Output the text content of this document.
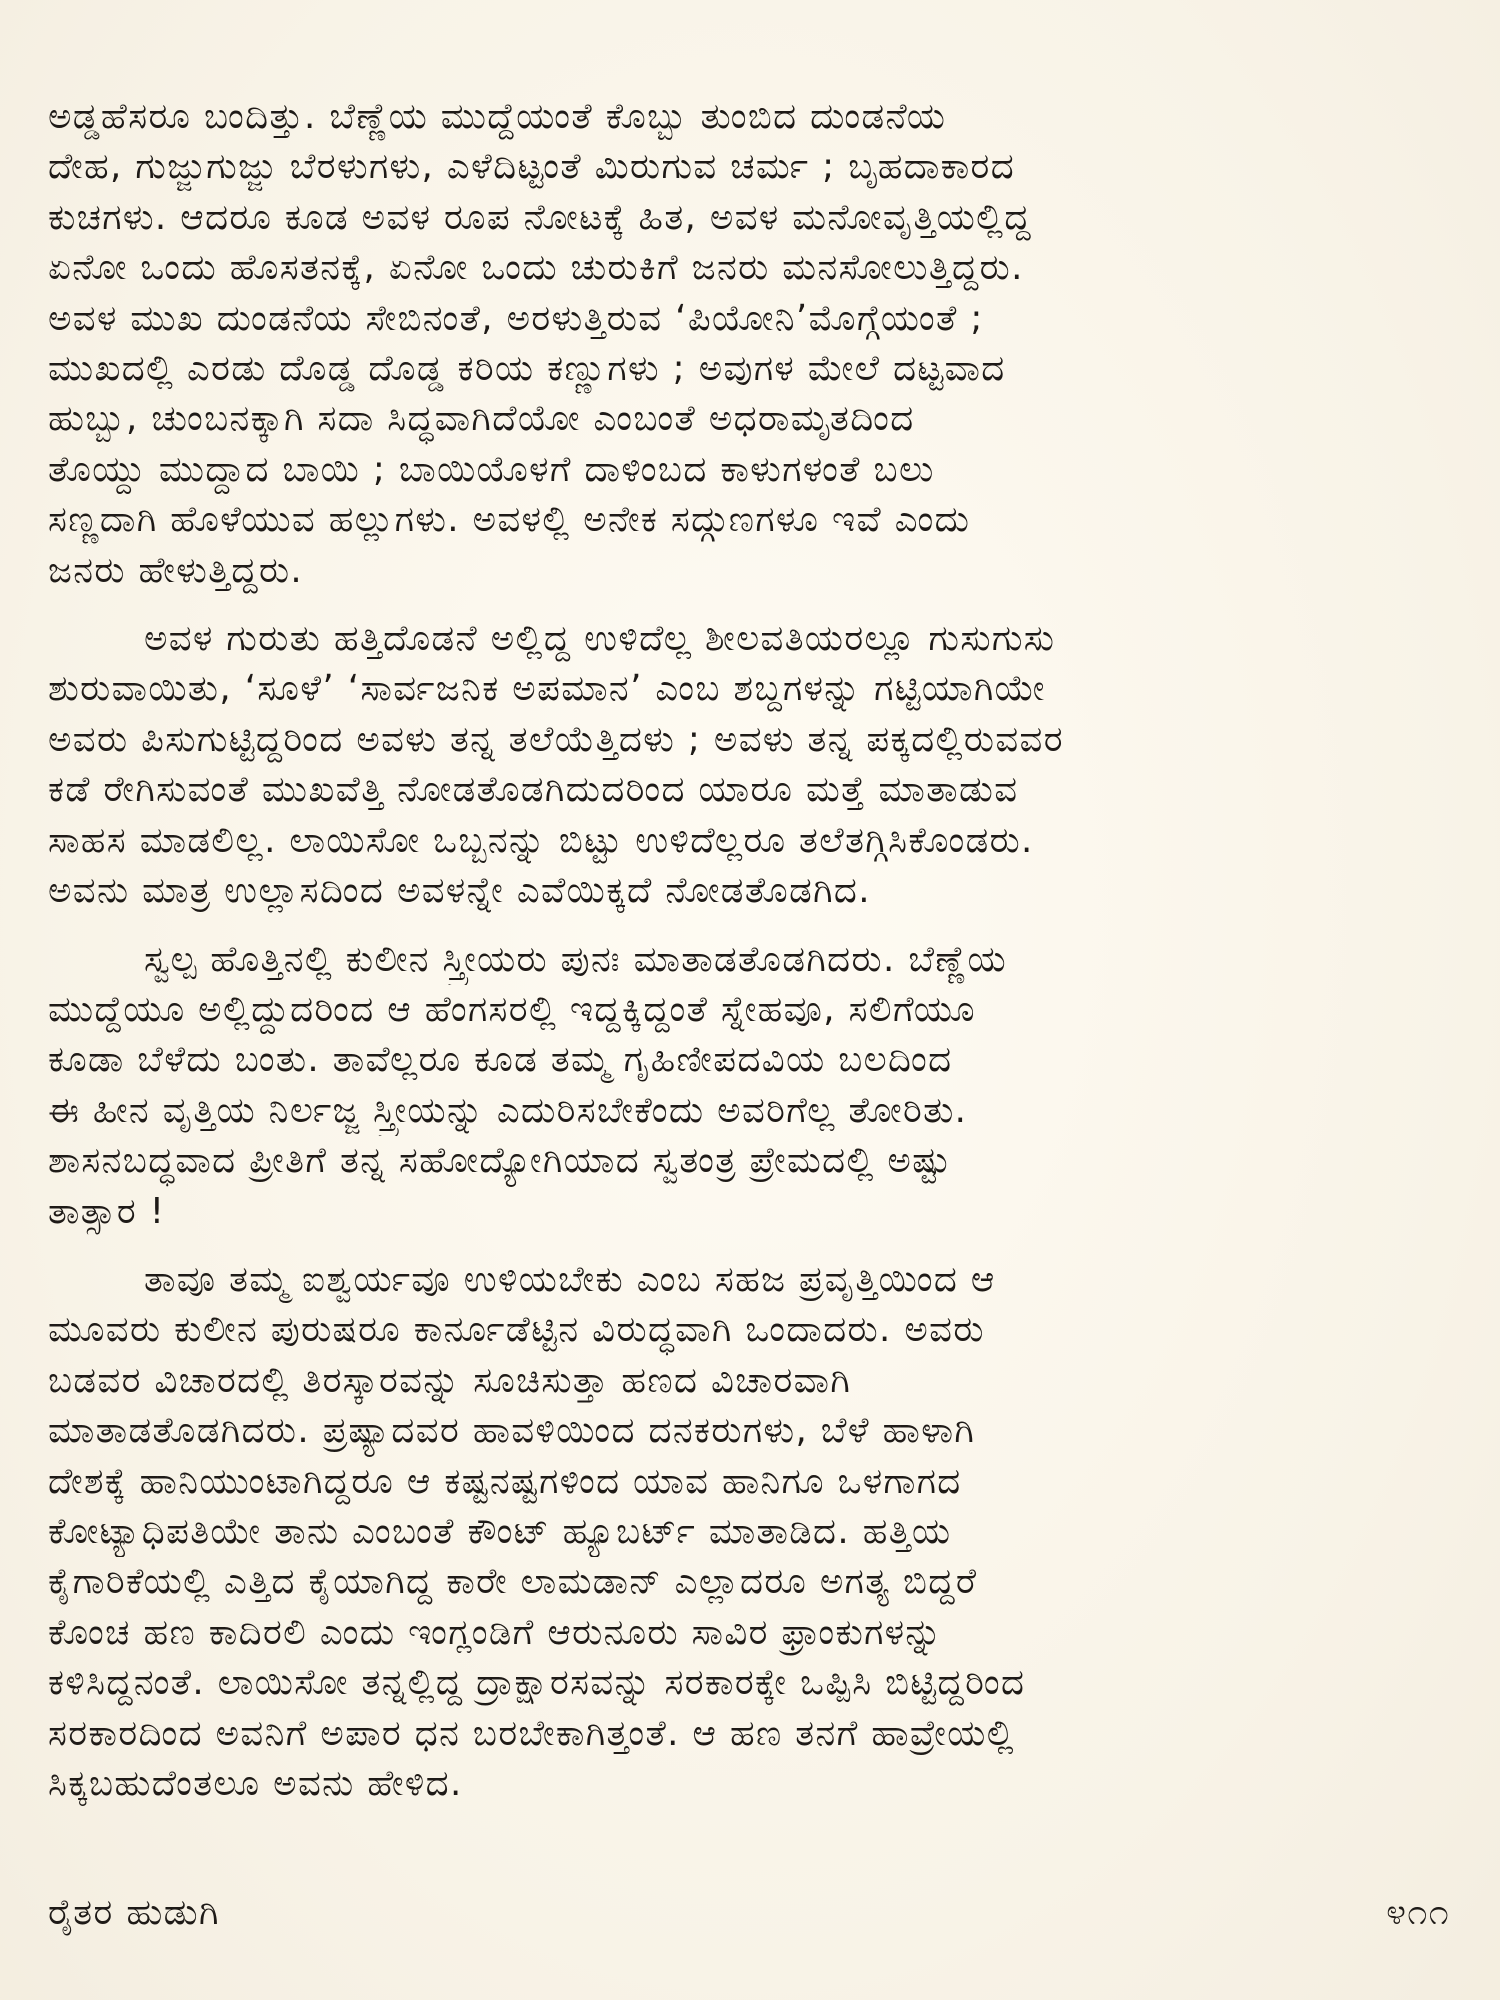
ಅಡ್ಡಹೆಸರೂ ಬಂದಿತ್ತು. ಬೆಣ್ಣೆಯ ಮುದ್ದೆಯಂತೆ ಕೊಬ್ಬು ತುಂಬಿದ ದುಂಡನೆಯ
ದೇಹ, ಗುಜ್ಜುಗುಜ್ಜು ಬೆರಳುಗಳು, ಎಳೆದಿಟ್ಟಂತೆ ಮಿರುಗುವ ಚರ್ಮ ; ಬೃಹದಾಕಾರದ
ಕುಚಗಳು. ಆದರೂ ಕೂಡ ಅವಳ ರೂಪ ನೋಟಕ್ಕೆ ಹಿತ, ಅವಳ ಮನೋವೃತ್ತಿಯಲ್ಲಿದ್ದ
ಏನೋ ಒಂದು ಹೊಸತನಕ್ಕೆ, ಏನೋ ಒಂದು ಚುರುಕಿಗೆ ಜನರು ಮನಸೋಲುತ್ತಿದ್ದರು.
ಅವಳ ಮುಖ ದುಂಡನೆಯ ಸೇಬಿನಂತೆ, ಅರಳುತ್ತಿರುವ ‘ಪಿಯೋನಿ’ಮೊಗ್ಗೆಯಂತೆ ;
ಮುಖದಲ್ಲಿ ಎರಡು ದೊಡ್ಡ ದೊಡ್ಡ ಕರಿಯ ಕಣ್ಣುಗಳು ; ಅವುಗಳ ಮೇಲೆ ದಟ್ಟವಾದ
ಹುಬ್ಬು, ಚುಂಬನಕ್ಕಾಗಿ ಸದಾ ಸಿದ್ಧವಾಗಿದೆಯೋ ಎಂಬಂತೆ ಅಧರಾಮೃತದಿಂದ
ತೊಯ್ದು ಮುದ್ದಾದ ಬಾಯಿ ; ಬಾಯಿಯೊಳಗೆ ದಾಳಿಂಬದ ಕಾಳುಗಳಂತೆ ಬಲು
ಸಣ್ಣದಾಗಿ ಹೊಳೆಯುವ ಹಲ್ಲುಗಳು. ಅವಳಲ್ಲಿ ಅನೇಕ ಸದ್ಗುಣಗಳೂ ಇವೆ ಎಂದು
ಜನರು ಹೇಳುತ್ತಿದ್ದರು.

ಅವಳ ಗುರುತು ಹತ್ತಿದೊಡನೆ ಅಲ್ಲಿದ್ದ ಉಳಿದೆಲ್ಲ ಶೀಲವತಿಯರಲ್ಲೂ ಗುಸುಗುಸು
ಶುರುವಾಯಿತು, ‘ಸೂಳೆ’ ‘ಸಾರ್ವಜನಿಕ ಅಪಮಾನ’ ಎಂಬ ಶಬ್ದಗಳನ್ನು ಗಟ್ಟಿಯಾಗಿಯೇ
ಅವರು ಪಿಸುಗುಟ್ಟಿದ್ದರಿಂದ ಅವಳು ತನ್ನ ತಲೆಯೆತ್ತಿದಳು ; ಅವಳು ತನ್ನ ಪಕ್ಕದಲ್ಲಿರುವವರ
ಕಡೆ ರೇಗಿಸುವಂತೆ ಮುಖವೆತ್ತಿ ನೋಡತೊಡಗಿದುದರಿಂದ ಯಾರೂ ಮತ್ತೆ ಮಾತಾಡುವ
ಸಾಹಸ ಮಾಡಲಿಲ್ಲ. ಲಾಯಿಸೋ ಒಬ್ಬನನ್ನು ಬಿಟ್ಟು ಉಳಿದೆಲ್ಲರೂ ತಲೆತಗ್ಗಿಸಿಕೊಂಡರು.
ಅವನು ಮಾತ್ರ ಉಲ್ಲಾಸದಿಂದ ಅವಳನ್ನೇ ಎವೆಯಿಕ್ಕದೆ ನೋಡತೊಡಗಿದ.

ಸ್ವಲ್ಪ ಹೊತ್ತಿನಲ್ಲಿ ಕುಲೀನ ಸ್ತ್ರೀಯರು ಪುನಃ ಮಾತಾಡತೊಡಗಿದರು. ಬೆಣ್ಣೆಯ
ಮುದ್ದೆಯೂ ಅಲ್ಲಿದ್ದುದರಿಂದ ಆ ಹೆಂಗಸರಲ್ಲಿ ಇದ್ದಕ್ಕಿದ್ದಂತೆ ಸ್ನೇಹವೂ, ಸಲಿಗೆಯೂ
ಕೂಡಾ ಬೆಳೆದು ಬಂತು. ತಾವೆಲ್ಲರೂ ಕೂಡ ತಮ್ಮ ಗೃಹಿಣೀಪದವಿಯ ಬಲದಿಂದ
ಈ ಹೀನ ವೃತ್ತಿಯ ನಿರ್ಲಜ್ಜ ಸ್ತ್ರೀಯನ್ನು ಎದುರಿಸಬೇಕೆಂದು ಅವರಿಗೆಲ್ಲ ತೋರಿತು.
ಶಾಸನಬದ್ಧವಾದ ಪ್ರೀತಿಗೆ ತನ್ನ ಸಹೋದ್ಯೋಗಿಯಾದ ಸ್ವತಂತ್ರ ಪ್ರೇಮದಲ್ಲಿ ಅಷ್ಟು
ತಾತ್ಸಾರ !

ತಾವೂ ತಮ್ಮ ಐಶ್ವರ್ಯವೂ ಉಳಿಯಬೇಕು ಎಂಬ ಸಹಜ ಪ್ರವೃತ್ತಿಯಿಂದ ಆ
ಮೂವರು ಕುಲೀನ ಪುರುಷರೂ ಕಾರ್ನೂಡೆಟ್ಟಿನ ವಿರುದ್ಧವಾಗಿ ಒಂದಾದರು. ಅವರು
ಬಡವರ ವಿಚಾರದಲ್ಲಿ ತಿರಸ್ಕಾರವನ್ನು ಸೂಚಿಸುತ್ತಾ ಹಣದ ವಿಚಾರವಾಗಿ
ಮಾತಾಡತೊಡಗಿದರು. ಪ್ರಷ್ಯಾದವರ ಹಾವಳಿಯಿಂದ ದನಕರುಗಳು, ಬೆಳೆ ಹಾಳಾಗಿ
ದೇಶಕ್ಕೆ ಹಾನಿಯುಂಟಾಗಿದ್ದರೂ ಆ ಕಷ್ಟನಷ್ಟಗಳಿಂದ ಯಾವ ಹಾನಿಗೂ ಒಳಗಾಗದ
ಕೋಟ್ಯಾಧಿಪತಿಯೇ ತಾನು ಎಂಬಂತೆ ಕೌಂಟ್ ಹ್ಯೂಬರ್ಟ್ ಮಾತಾಡಿದ. ಹತ್ತಿಯ
ಕೈಗಾರಿಕೆಯಲ್ಲಿ ಎತ್ತಿದ ಕೈಯಾಗಿದ್ದ ಕಾರೇ ಲಾಮಡಾನ್ ಎಲ್ಲಾದರೂ ಅಗತ್ಯ ಬಿದ್ದರೆ
ಕೊಂಚ ಹಣ ಕಾದಿರಲಿ ಎಂದು ಇಂಗ್ಲಂಡಿಗೆ ಆರುನೂರು ಸಾವಿರ ಫ್ರಾಂಕುಗಳನ್ನು
ಕಳಿಸಿದ್ದನಂತೆ. ಲಾಯಿಸೋ ತನ್ನಲ್ಲಿದ್ದ ದ್ರಾಕ್ಷಾರಸವನ್ನು ಸರಕಾರಕ್ಕೇ ಒಪ್ಪಿಸಿ ಬಿಟ್ಟಿದ್ದರಿಂದ
ಸರಕಾರದಿಂದ ಅವನಿಗೆ ಅಪಾರ ಧನ ಬರಬೇಕಾಗಿತ್ತಂತೆ. ಆ ಹಣ ತನಗೆ ಹಾವ್ರೇಯಲ್ಲಿ
ಸಿಕ್ಕಬಹುದೆಂತಲೂ ಅವನು ಹೇಳಿದ.

ರೈತರ ಹುಡುಗಿ	೪೧೧
